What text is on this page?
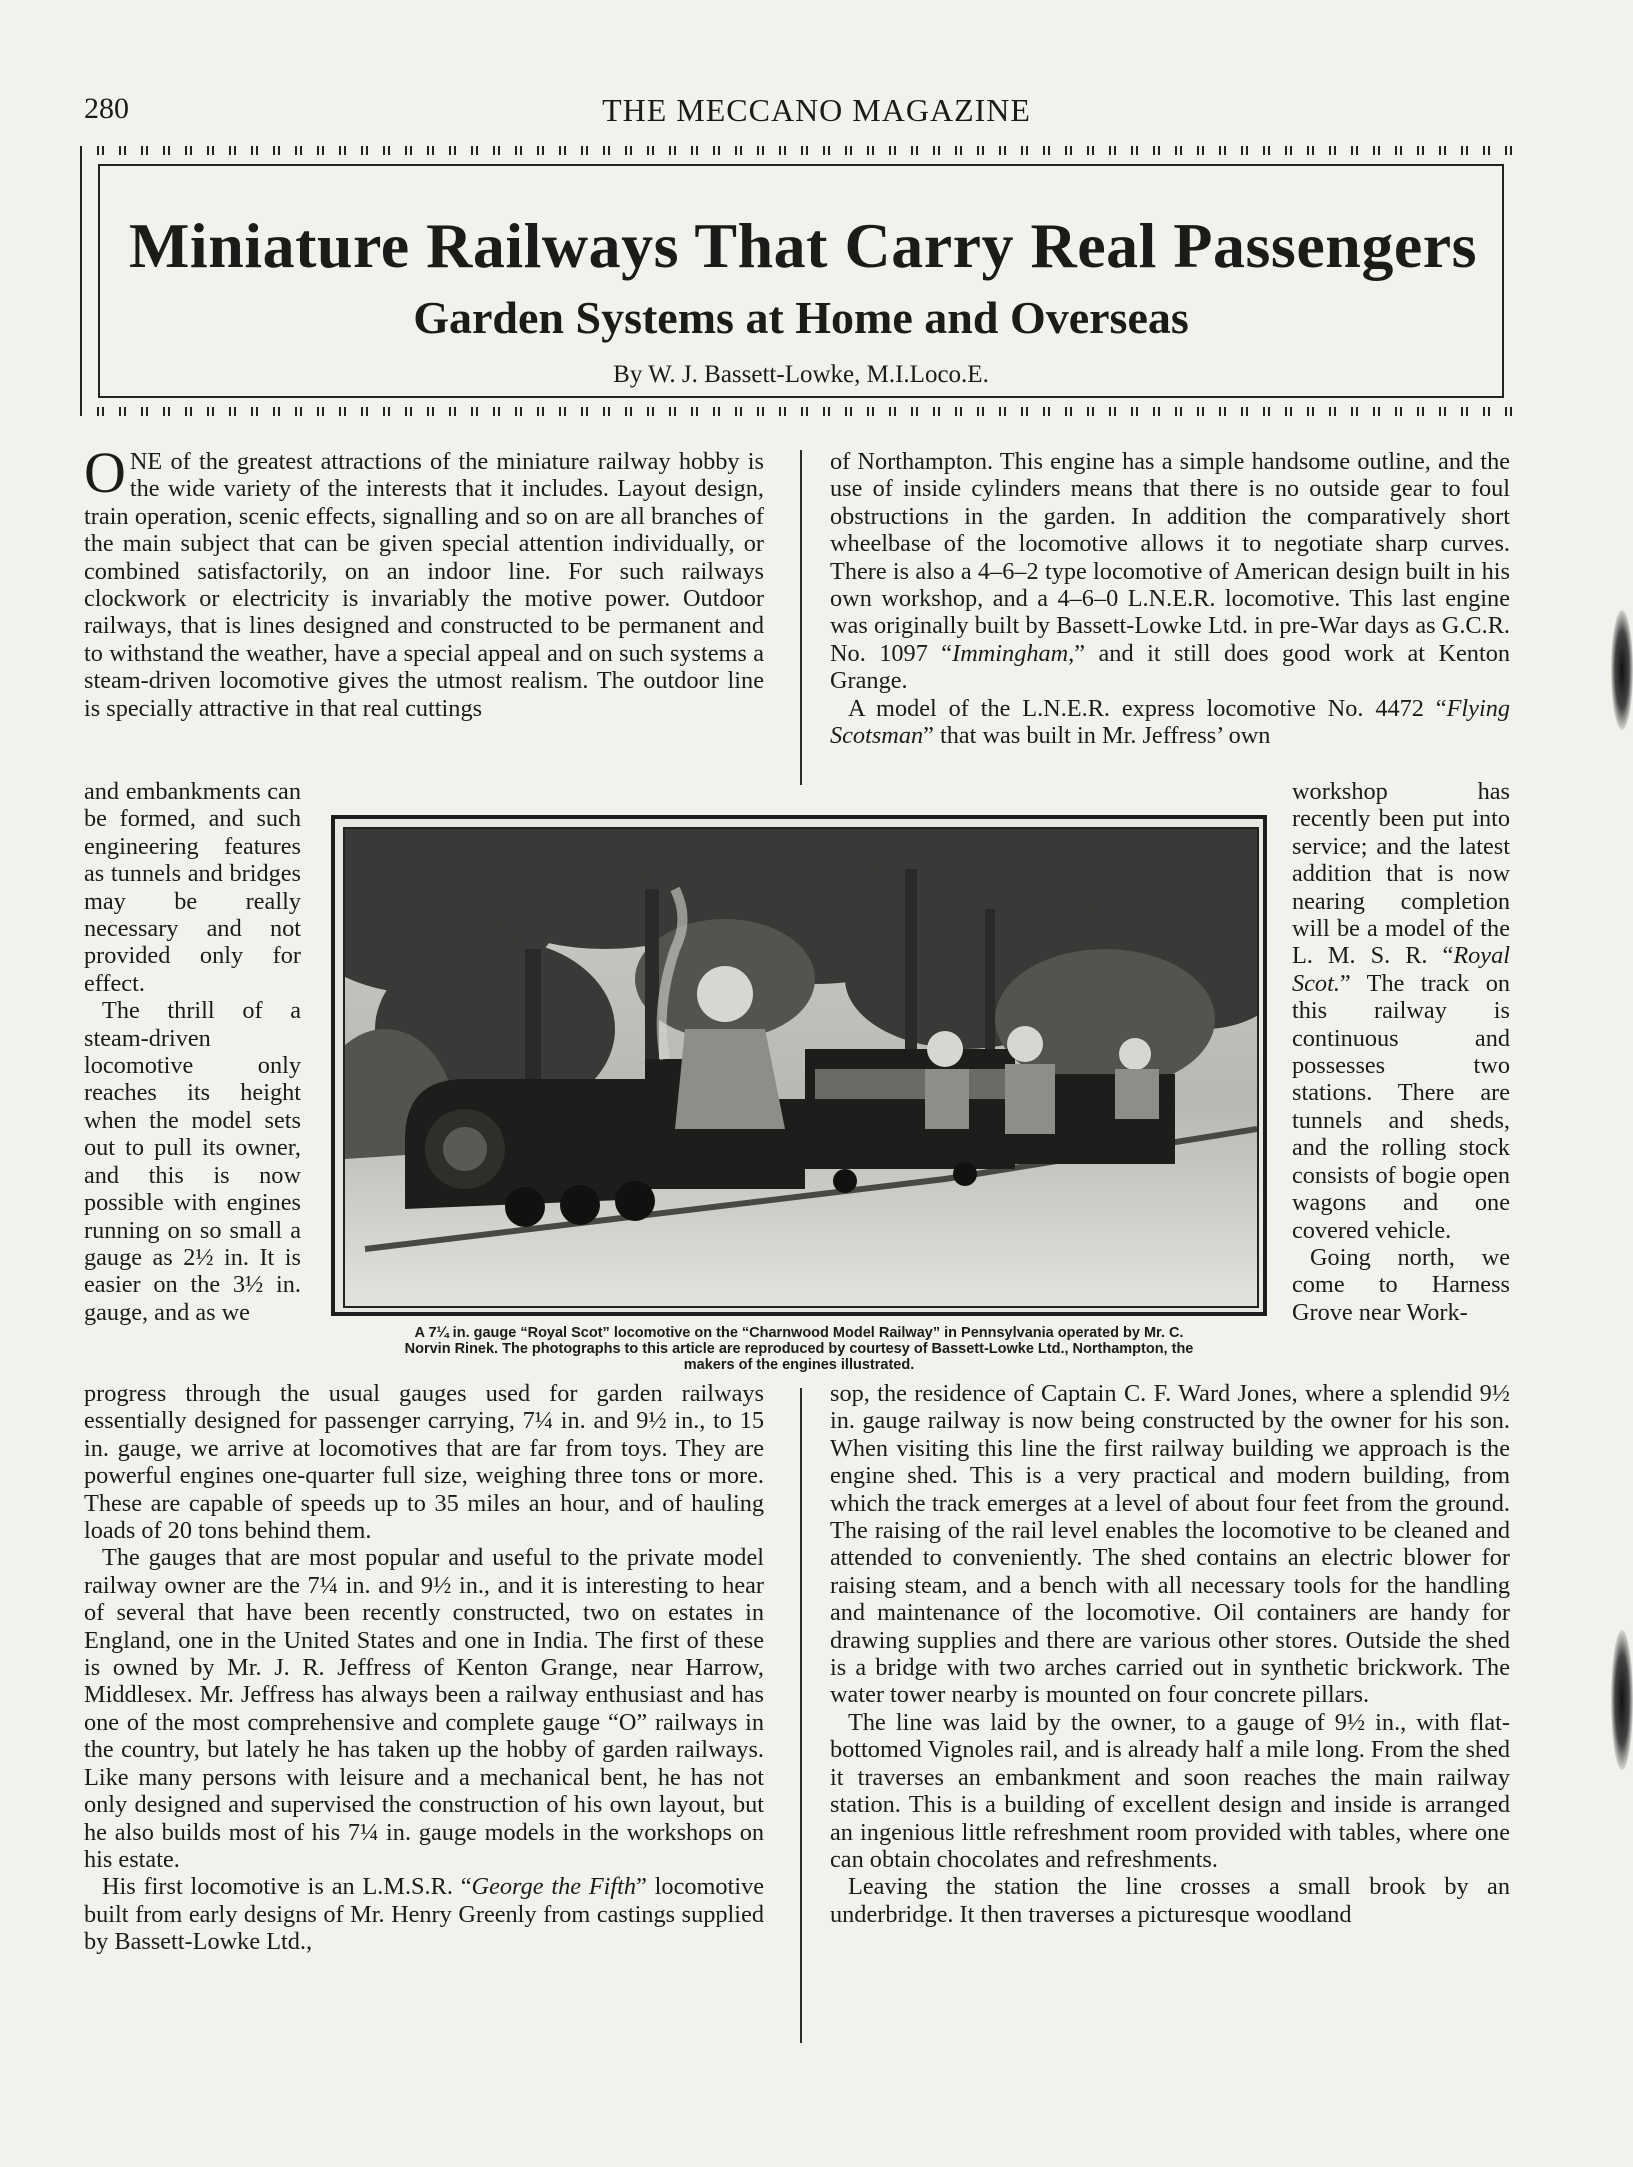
280	THE MECCANO MAGAZINE
Miniature Railways That Carry Real Passengers
Garden Systems at Home and Overseas
By W. J. Bassett-Lowke, M.I.Loco.E.

ONE of the greatest attractions of the miniature railway hobby is the wide variety of the interests that it includes. Layout design, train operation, scenic effects, signalling and so on are all branches of the main subject that can be given special attention individually, or combined satisfactorily, on an indoor line. For such railways clockwork or electricity is invariably the motive power. Outdoor railways, that is lines designed and constructed to be permanent and to withstand the weather, have a special appeal and on such systems a steam-driven locomotive gives the utmost realism. The outdoor line is specially attractive in that real cuttings

and embankments can be formed, and such engineering features as tunnels and bridges may be really necessary and not provided only for effect.

The thrill of a steam-driven locomotive only reaches its height when the model sets out to pull its owner, and this is now possible with engines running on so small a gauge as 2½ in. It is easier on the 3½ in. gauge, and as we

progress through the usual gauges used for garden railways essentially designed for passenger carrying, 7¼ in. and 9½ in., to 15 in. gauge, we arrive at locomotives that are far from toys. They are powerful engines one-quarter full size, weighing three tons or more. These are capable of speeds up to 35 miles an hour, and of hauling loads of 20 tons behind them.

The gauges that are most popular and useful to the private model railway owner are the 7¼ in. and 9½ in., and it is interesting to hear of several that have been recently constructed, two on estates in England, one in the United States and one in India. The first of these is owned by Mr. J. R. Jeffress of Kenton Grange, near Harrow, Middlesex. Mr. Jeffress has always been a railway enthusiast and has one of the most comprehensive and complete gauge “O” railways in the country, but lately he has taken up the hobby of garden railways. Like many persons with leisure and a mechanical bent, he has not only designed and supervised the construction of his own layout, but he also builds most of his 7¼ in. gauge models in the workshops on his estate.

His first locomotive is an L.M.S.R. “George the Fifth” locomotive built from early designs of Mr. Henry Greenly from castings supplied by Bassett-Lowke Ltd.,

of Northampton. This engine has a simple handsome outline, and the use of inside cylinders means that there is no outside gear to foul obstructions in the garden. In addition the comparatively short wheelbase of the locomotive allows it to negotiate sharp curves. There is also a 4–6–2 type locomotive of American design built in his own workshop, and a 4–6–0 L.N.E.R. locomotive. This last engine was originally built by Bassett-Lowke Ltd. in pre-War days as G.C.R. No. 1097 “Immingham,” and it still does good work at Kenton Grange.

A model of the L.N.E.R. express locomotive No. 4472 “Flying Scotsman” that was built in Mr. Jeffress’ own

workshop has recently been put into service; and the latest addition that is now nearing completion will be a model of the L. M. S. R. “Royal Scot.” The track on this railway is continuous and possesses two stations. There are tunnels and sheds, and the rolling stock consists of bogie open wagons and one covered vehicle.

Going north, we come to Harness Grove near Work-

sop, the residence of Captain C. F. Ward Jones, where a splendid 9½ in. gauge railway is now being constructed by the owner for his son. When visiting this line the first railway building we approach is the engine shed. This is a very practical and modern building, from which the track emerges at a level of about four feet from the ground. The raising of the rail level enables the locomotive to be cleaned and attended to conveniently. The shed contains an electric blower for raising steam, and a bench with all necessary tools for the handling and maintenance of the locomotive. Oil containers are handy for drawing supplies and there are various other stores. Outside the shed is a bridge with two arches carried out in synthetic brickwork. The water tower nearby is mounted on four concrete pillars.

The line was laid by the owner, to a gauge of 9½ in., with flat-bottomed Vignoles rail, and is already half a mile long. From the shed it traverses an embankment and soon reaches the main railway station. This is a building of excellent design and inside is arranged an ingenious little refreshment room provided with tables, where one can obtain chocolates and refreshments.

Leaving the station the line crosses a small brook by an underbridge. It then traverses a picturesque woodland

A 7¼ in. gauge “Royal Scot” locomotive on the “Charnwood Model Railway” in Pennsylvania operated by Mr. C.
Norvin Rinek. The photographs to this article are reproduced by courtesy of Bassett-Lowke Ltd., Northampton, the
makers of the engines illustrated.
